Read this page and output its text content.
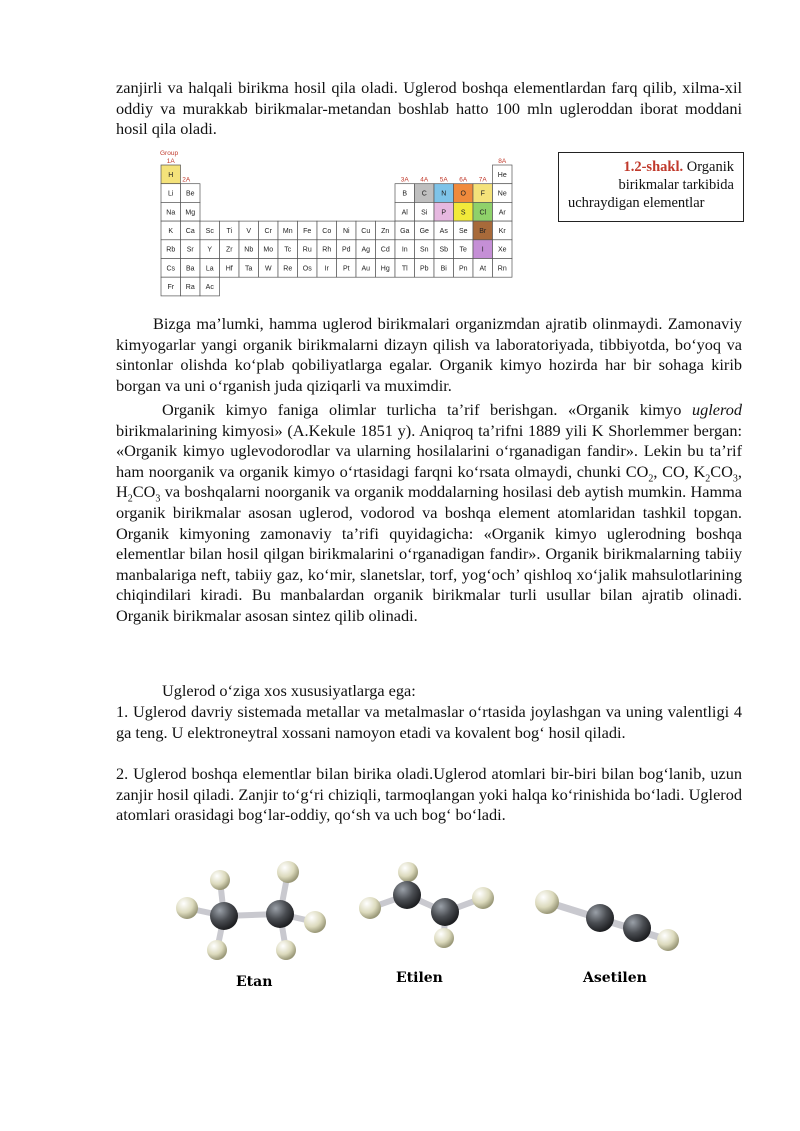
zanjirli va halqali birikma hosil qila oladi. Uglerod boshqa elementlardan farq qilib, xilma-xil oddiy va murakkab birikmalar-metandan boshlab hatto 100 mln ugleroddan iborat moddani hosil qila oladi.

Group
1A
2A	3A 4A 5A 6A 7A
8A
H	He
Li Be	B C N O F Ne
Na Mg	Al Si P S Cl Ar
K Ca Sc Ti V Cr Mn Fe Co Ni Cu Zn Ga Ge As Se Br Kr
Rb Sr Y Zr Nb Mo Tc Ru Rh Pd Ag Cd In Sn Sb Te I Xe
Cs Ba La Hf Ta W Re Os Ir Pt Au Hg Tl Pb Bi Pn At Rn
Fr Ra Ac
1.2-shakl. Organik birikmalar tarkibida uchraydigan elementlar

Bizga ma’lumki, hamma uglerod birikmalari organizmdan ajratib olinmaydi. Zamonaviy kimyogarlar yangi organik birikmalarni dizayn qilish va laboratoriyada, tibbiyotda, bo‘yoq va sintonlar olishda ko‘plab qobiliyatlarga egalar. Organik kimyo hozirda har bir sohaga kirib borgan va uni o‘rganish juda qiziqarli va muximdir.

Organik kimyo faniga olimlar turlicha ta’rif berishgan. «Organik kimyo uglerod birikmalarining kimyosi» (A.Kekule 1851 y). Aniqroq ta’rifni 1889 yili K Shorlemmer bergan: «Organik kimyo uglevodorodlar va ularning hosilalarini o‘rganadigan fandir». Lekin bu ta’rif ham noorganik va organik kimyo o‘rtasidagi farqni ko‘rsata olmaydi, chunki $CO_2$, CO, $K_2CO_3$, $H_2CO_3$ va boshqalarni noorganik va organik moddalarning hosilasi deb aytish mumkin. Hamma organik birikmalar asosan uglerod, vodorod va boshqa element atomlaridan tashkil topgan. Organik kimyoning zamonaviy ta’rifi quyidagicha: «Organik kimyo uglerodning boshqa elementlar bilan hosil qilgan birikmalarini o‘rganadigan fandir». Organik birikmalarning tabiiy manbalariga neft, tabiiy gaz, ko‘mir, slanetslar, torf, yog‘och’ qishloq xo‘jalik mahsulotlarining chiqindilari kiradi. Bu manbalardan organik birikmalar turli usullar bilan ajratib olinadi. Organik birikmalar asosan sintez qilib olinadi.

Uglerod o‘ziga xos xususiyatlarga ega:

1. Uglerod davriy sistemada metallar va metalmaslar o‘rtasida joylashgan va uning valentligi 4 ga teng. U elektroneytral xossani namoyon etadi va kovalent bog‘ hosil qiladi.

2. Uglerod boshqa elementlar bilan birika oladi.Uglerod atomlari bir-biri bilan bog‘lanib, uzun zanjir hosil qiladi. Zanjir to‘g‘ri chiziqli, tarmoqlangan yoki halqa ko‘rinishida bo‘ladi. Uglerod atomlari orasidagi bog‘lar-oddiy, qo‘sh va uch bog‘ bo‘ladi.

Etan	Etilen	Asetilen
